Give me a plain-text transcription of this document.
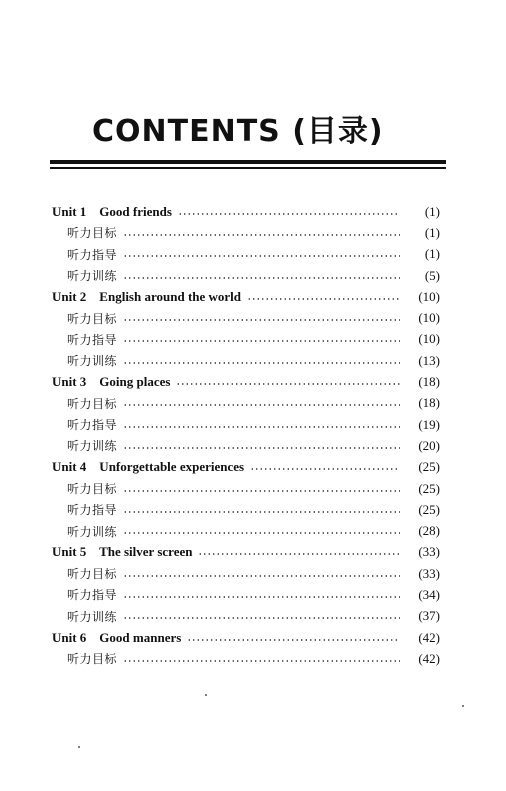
CONTENTS (目录)
Unit 1    Good friends	(1)
听力目标	(1)
听力指导	(1)
听力训练	(5)
Unit 2    English around the world	(10)
听力目标	(10)
听力指导	(10)
听力训练	(13)
Unit 3    Going places	(18)
听力目标	(18)
听力指导	(19)
听力训练	(20)
Unit 4    Unforgettable experiences	(25)
听力目标	(25)
听力指导	(25)
听力训练	(28)
Unit 5    The silver screen	(33)
听力目标	(33)
听力指导	(34)
听力训练	(37)
Unit 6    Good manners	(42)
听力目标	(42)
